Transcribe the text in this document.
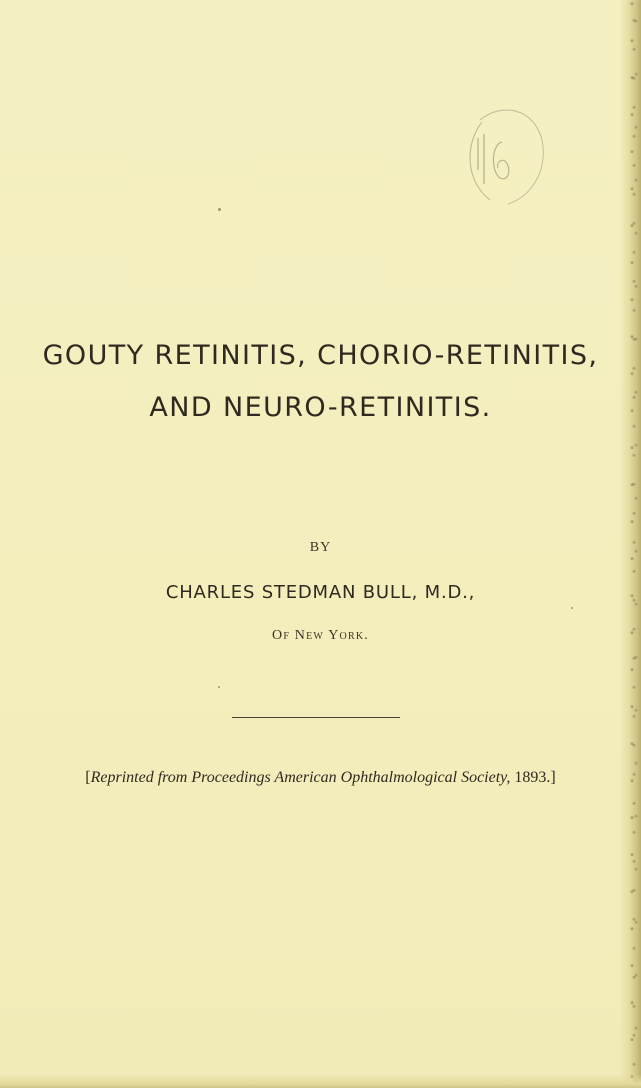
GOUTY RETINITIS, CHORIO-RETINITIS,
AND NEURO-RETINITIS.
BY
CHARLES STEDMAN BULL, M.D.,
Of New York.
[Reprinted from Proceedings American Ophthalmological Society, 1893.]
